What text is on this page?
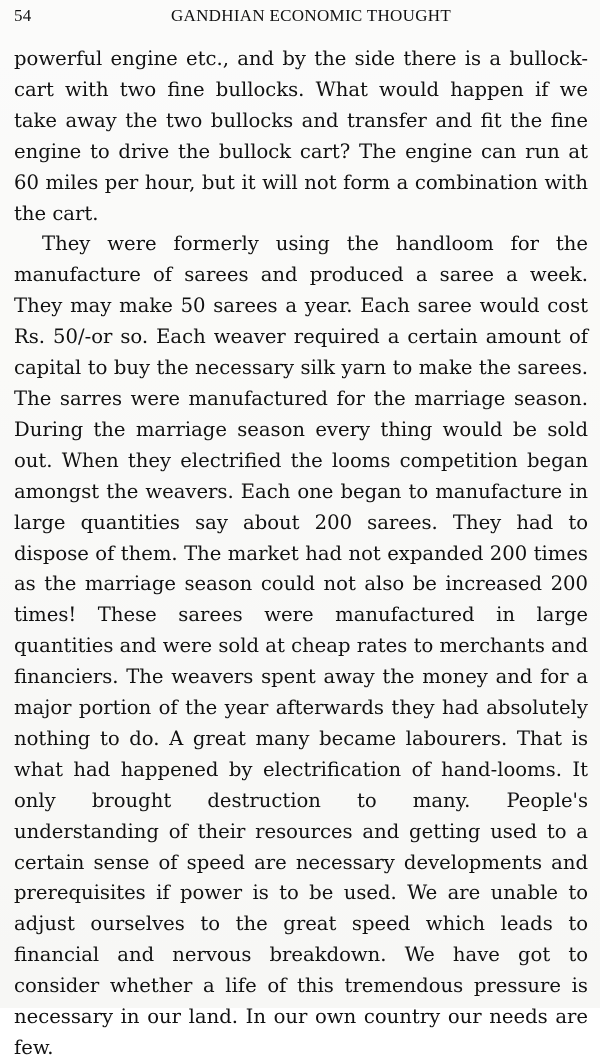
54	GANDHIAN ECONOMIC THOUGHT

powerful engine etc., and by the side there is a bullock-cart with two fine bullocks. What would happen if we take away the two bullocks and transfer and fit the fine engine to drive the bullock cart? The engine can run at 60 miles per hour, but it will not form a combination with the cart.

They were formerly using the handloom for the manufacture of sarees and produced a saree a week. They may make 50 sarees a year. Each saree would cost Rs. 50/-or so. Each weaver required a certain amount of capital to buy the necessary silk yarn to make the sarees. The sarres were manufactured for the marriage season. During the marriage season every thing would be sold out. When they electrified the looms competition began amongst the weavers. Each one began to manufacture in large quantities say about 200 sarees. They had to dispose of them. The market had not expanded 200 times as the marriage season could not also be increased 200 times! These sarees were manufactured in large quantities and were sold at cheap rates to merchants and financiers. The weavers spent away the money and for a major portion of the year afterwards they had absolutely nothing to do. A great many became labourers. That is what had happened by electrification of hand-looms. It only brought destruction to many. People's understanding of their resources and getting used to a certain sense of speed are necessary developments and prerequisites if power is to be used. We are unable to adjust ourselves to the great speed which leads to financial and nervous breakdown. We have got to consider whether a life of this tremendous pressure is necessary in our land. In our own country our needs are few.
